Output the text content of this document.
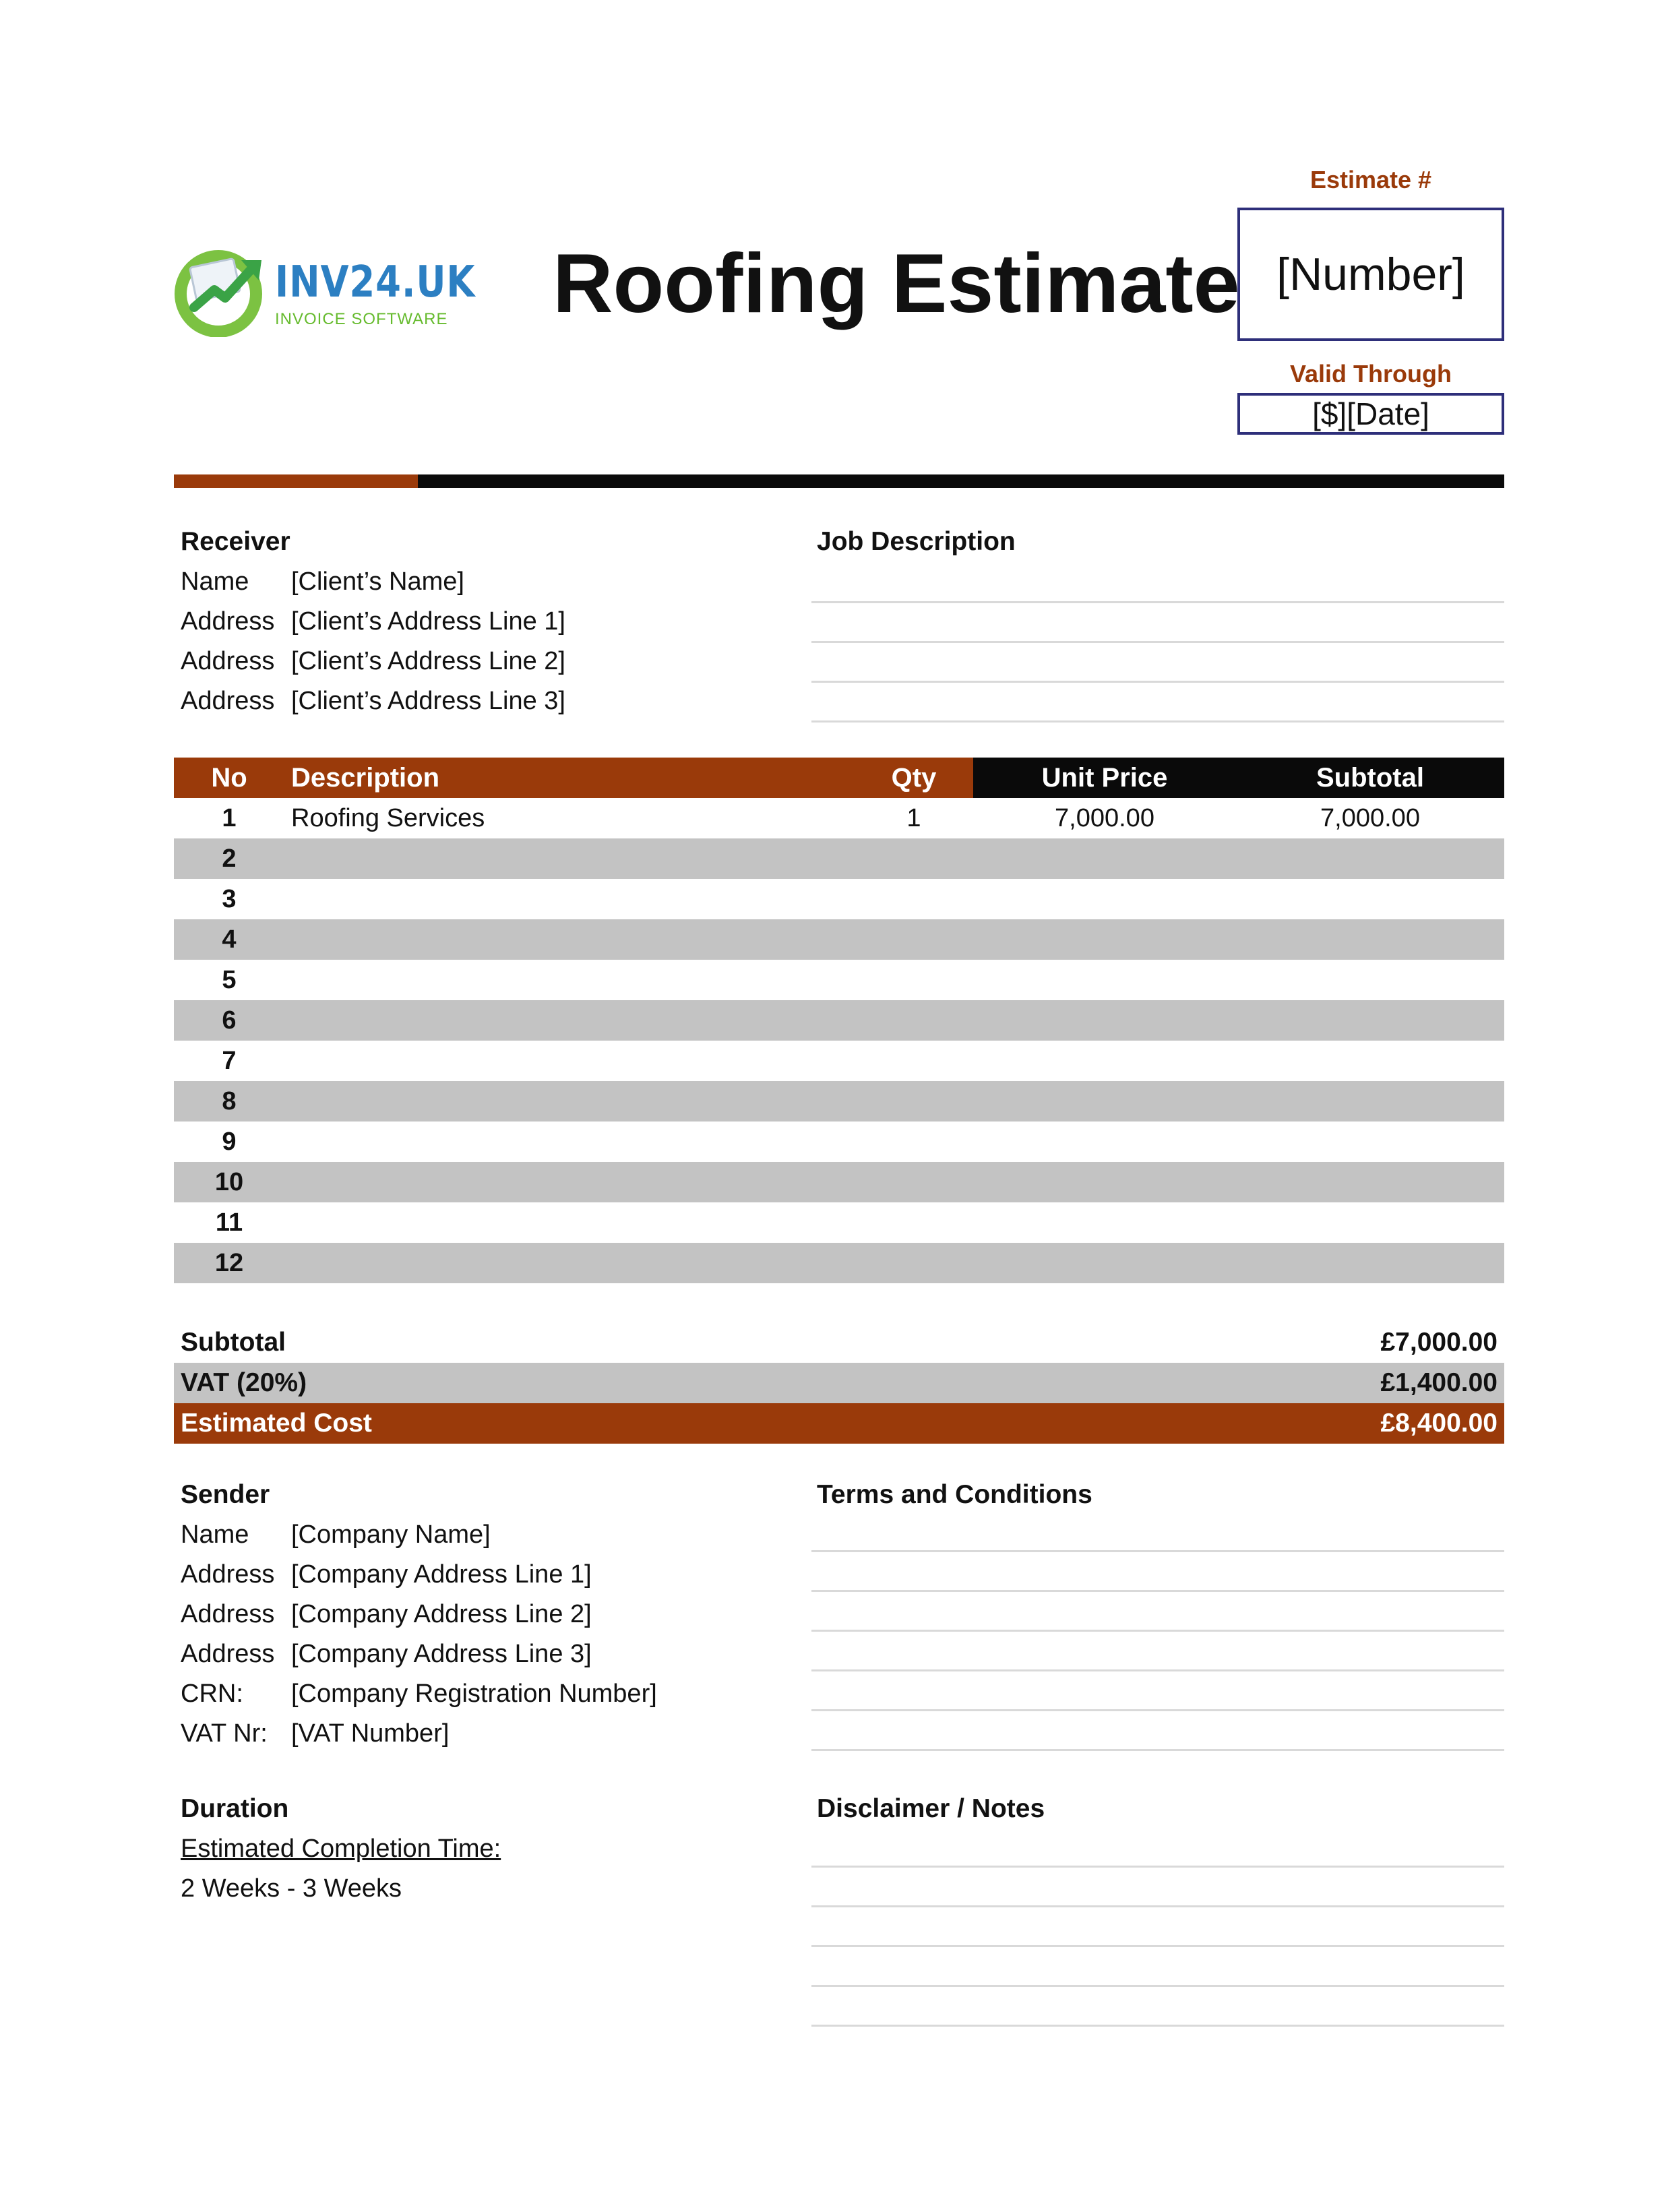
INV24.UK
INVOICE SOFTWARE Roofing Estimate
Estimate #
[Number]
Valid Through
[$][Date]
Receiver
Name [Client’s Name]
Address [Client’s Address Line 1]
Address [Client’s Address Line 2]
Address [Client’s Address Line 3]
Job Description
No	Description	Qty	Unit Price	Subtotal
1	Roofing Services	1	7,000.00	7,000.00
2
3
4
5
6
7
8
9
10
11
12
Subtotal	£7,000.00
VAT (20%)	£1,400.00
Estimated Cost	£8,400.00
Sender
Name [Company Name]
Address [Company Address Line 1]
Address [Company Address Line 2]
Address [Company Address Line 3]
CRN: [Company Registration Number]
VAT Nr: [VAT Number]
Terms and Conditions
Duration
Estimated Completion Time:
2 Weeks - 3 Weeks
Disclaimer / Notes
